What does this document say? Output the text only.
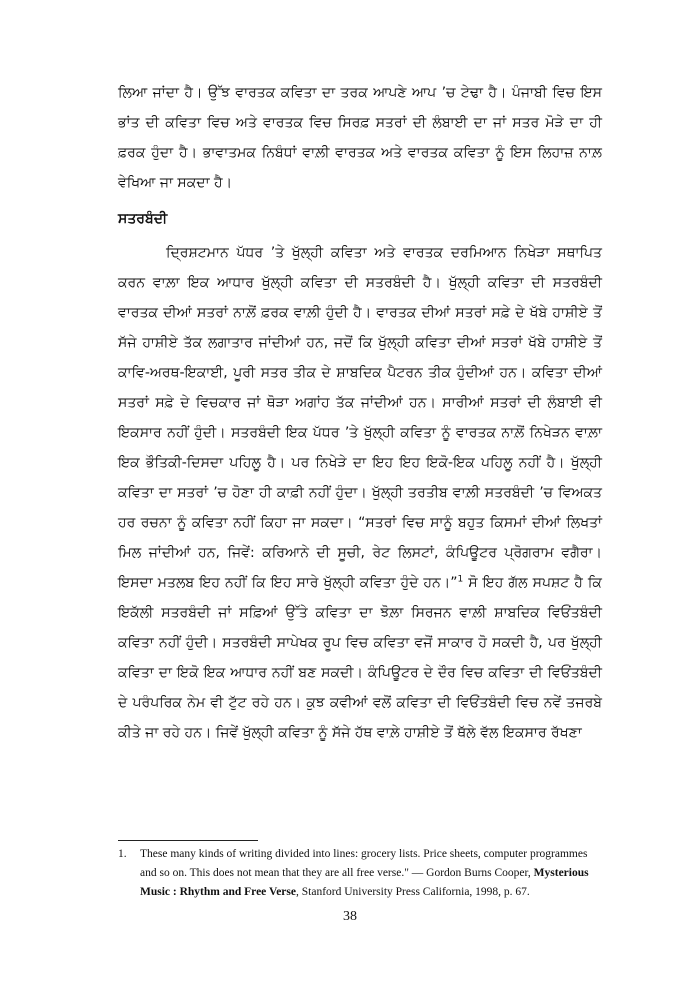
ਲਿਆ ਜਾਂਦਾ ਹੈ। ਉੱਝ ਵਾਰਤਕ ਕਵਿਤਾ ਦਾ ਤਰਕ ਆਪਣੇ ਆਪ ’ਚ ਟੇਢਾ ਹੈ। ਪੰਜਾਬੀ ਵਿਚ ਇਸ ਭਾਂਤ ਦੀ ਕਵਿਤਾ ਵਿਚ ਅਤੇ ਵਾਰਤਕ ਵਿਚ ਸਿਰਫ਼ ਸਤਰਾਂ ਦੀ ਲੰਬਾਈ ਦਾ ਜਾਂ ਸਤਰ ਮੋੜੇ ਦਾ ਹੀ ਫ਼ਰਕ ਹੁੰਦਾ ਹੈ। ਭਾਵਾਤਮਕ ਨਿਬੰਧਾਂ ਵਾਲ਼ੀ ਵਾਰਤਕ ਅਤੇ ਵਾਰਤਕ ਕਵਿਤਾ ਨੂੰ ਇਸ ਲਿਹਾਜ਼ ਨਾਲ਼ ਵੇਖਿਆ ਜਾ ਸਕਦਾ ਹੈ।

ਸਤਰਬੰਦੀ

ਦ੍ਰਿਸ਼ਟਮਾਨ ਪੱਧਰ ’ਤੇ ਖੁੱਲ੍ਹੀ ਕਵਿਤਾ ਅਤੇ ਵਾਰਤਕ ਦਰਮਿਆਨ ਨਿਖੇੜਾ ਸਥਾਪਿਤ ਕਰਨ ਵਾਲ਼ਾ ਇਕ ਆਧਾਰ ਖੁੱਲ੍ਹੀ ਕਵਿਤਾ ਦੀ ਸਤਰਬੰਦੀ ਹੈ। ਖੁੱਲ੍ਹੀ ਕਵਿਤਾ ਦੀ ਸਤਰਬੰਦੀ ਵਾਰਤਕ ਦੀਆਂ ਸਤਰਾਂ ਨਾਲ਼ੋਂ ਫ਼ਰਕ ਵਾਲ਼ੀ ਹੁੰਦੀ ਹੈ। ਵਾਰਤਕ ਦੀਆਂ ਸਤਰਾਂ ਸਫ਼ੇ ਦੇ ਖੱਬੇ ਹਾਸ਼ੀਏ ਤੋਂ ਸੱਜੇ ਹਾਸ਼ੀਏ ਤੱਕ ਲਗਾਤਾਰ ਜਾਂਦੀਆਂ ਹਨ, ਜਦੋਂ ਕਿ ਖੁੱਲ੍ਹੀ ਕਵਿਤਾ ਦੀਆਂ ਸਤਰਾਂ ਖੱਬੇ ਹਾਸ਼ੀਏ ਤੋਂ ਕਾਵਿ-ਅਰਥ-ਇਕਾਈ, ਪੂਰੀ ਸਤਰ ਤੀਕ ਦੇ ਸ਼ਾਬਦਿਕ ਪੈਟਰਨ ਤੀਕ ਹੁੰਦੀਆਂ ਹਨ। ਕਵਿਤਾ ਦੀਆਂ ਸਤਰਾਂ ਸਫ਼ੇ ਦੇ ਵਿਚਕਾਰ ਜਾਂ ਥੋੜਾ ਅਗਾਂਹ ਤੱਕ ਜਾਂਦੀਆਂ ਹਨ। ਸਾਰੀਆਂ ਸਤਰਾਂ ਦੀ ਲੰਬਾਈ ਵੀ ਇਕਸਾਰ ਨਹੀਂ ਹੁੰਦੀ। ਸਤਰਬੰਦੀ ਇਕ ਪੱਧਰ ’ਤੇ ਖੁੱਲ੍ਹੀ ਕਵਿਤਾ ਨੂੰ ਵਾਰਤਕ ਨਾਲ਼ੋਂ ਨਿਖੇੜਨ ਵਾਲ਼ਾ ਇਕ ਭੌਤਿਕੀ-ਦਿਸਦਾ ਪਹਿਲੂ ਹੈ। ਪਰ ਨਿਖੇੜੇ ਦਾ ਇਹ ਇਹ ਇਕੋ-ਇਕ ਪਹਿਲੂ ਨਹੀਂ ਹੈ। ਖੁੱਲ੍ਹੀ ਕਵਿਤਾ ਦਾ ਸਤਰਾਂ ’ਚ ਹੋਣਾ ਹੀ ਕਾਫ਼ੀ ਨਹੀਂ ਹੁੰਦਾ। ਖੁੱਲ੍ਹੀ ਤਰਤੀਬ ਵਾਲ਼ੀ ਸਤਰਬੰਦੀ ’ਚ ਵਿਅਕਤ ਹਰ ਰਚਨਾ ਨੂੰ ਕਵਿਤਾ ਨਹੀਂ ਕਿਹਾ ਜਾ ਸਕਦਾ। “ਸਤਰਾਂ ਵਿਚ ਸਾਨੂੰ ਬਹੁਤ ਕਿਸਮਾਂ ਦੀਆਂ ਲਿਖਤਾਂ ਮਿਲ ਜਾਂਦੀਆਂ ਹਨ, ਜਿਵੇਂ: ਕਰਿਆਨੇ ਦੀ ਸੂਚੀ, ਰੇਟ ਲਿਸਟਾਂ, ਕੰਪਿਊਟਰ ਪ੍ਰੋਗਰਾਮ ਵਗੈਰਾ। ਇਸਦਾ ਮਤਲਬ ਇਹ ਨਹੀਂ ਕਿ ਇਹ ਸਾਰੇ ਖੁੱਲ੍ਹੀ ਕਵਿਤਾ ਹੁੰਦੇ ਹਨ।”$^1$ ਸੋ ਇਹ ਗੱਲ ਸਪਸ਼ਟ ਹੈ ਕਿ ਇਕੱਲੀ ਸਤਰਬੰਦੀ ਜਾਂ ਸਫ਼ਿਆਂ ਉੱਤੇ ਕਵਿਤਾ ਦਾ ਝੋਲ਼ਾ ਸਿਰਜਨ ਵਾਲ਼ੀ ਸ਼ਾਬਦਿਕ ਵਿਓਂਤਬੰਦੀ ਕਵਿਤਾ ਨਹੀਂ ਹੁੰਦੀ। ਸਤਰਬੰਦੀ ਸਾਪੇਖਕ ਰੂਪ ਵਿਚ ਕਵਿਤਾ ਵਜੋਂ ਸਾਕਾਰ ਹੋ ਸਕਦੀ ਹੈ, ਪਰ ਖੁੱਲ੍ਹੀ ਕਵਿਤਾ ਦਾ ਇਕੋ ਇਕ ਆਧਾਰ ਨਹੀਂ ਬਣ ਸਕਦੀ। ਕੰਪਿਊਟਰ ਦੇ ਦੌਰ ਵਿਚ ਕਵਿਤਾ ਦੀ ਵਿਓਂਤਬੰਦੀ ਦੇ ਪਰੰਪਰਿਕ ਨੇਮ ਵੀ ਟੁੱਟ ਰਹੇ ਹਨ। ਕੁਝ ਕਵੀਆਂ ਵਲੋਂ ਕਵਿਤਾ ਦੀ ਵਿਓਂਤਬੰਦੀ ਵਿਚ ਨਵੇਂ ਤਜਰਬੇ ਕੀਤੇ ਜਾ ਰਹੇ ਹਨ। ਜਿਵੇਂ ਖੁੱਲ੍ਹੀ ਕਵਿਤਾ ਨੂੰ ਸੱਜੇ ਹੱਥ ਵਾਲ਼ੇ ਹਾਸ਼ੀਏ ਤੋਂ ਥੱਲੇ ਵੱਲ ਇਕਸਾਰ ਰੱਖਣਾ

1.	These many kinds of writing divided into lines: grocery lists. Price sheets, computer programmes and so on. This does not mean that they are all free verse." — Gordon Burns Cooper, Mysterious Music : Rhythm and Free Verse, Stanford University Press California, 1998, p. 67.
38
